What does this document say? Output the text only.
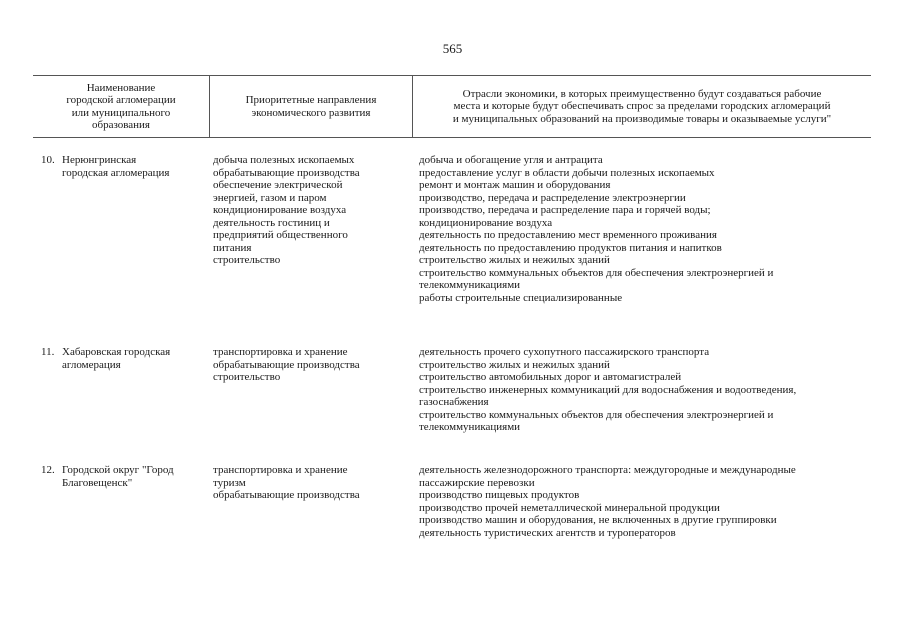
565
Наименование
городской агломерации
или муниципального
образования
Приоритетные направления
экономического развития
Отрасли экономики, в которых преимущественно будут создаваться рабочие
места и которые будут обеспечивать спрос за пределами городских агломераций
и муниципальных образований на производимые товары и оказываемые услуги"
10. Нерюнгринская
городская агломерация
добыча полезных ископаемых
обрабатывающие производства
обеспечение электрической
энергией, газом и паром
кондиционирование воздуха
деятельность гостиниц и
предприятий общественного
питания
строительство
добыча и обогащение угля и антрацита
предоставление услуг в области добычи полезных ископаемых
ремонт и монтаж машин и оборудования
производство, передача и распределение электроэнергии
производство, передача и распределение пара и горячей воды;
кондиционирование воздуха
деятельность по предоставлению мест временного проживания
деятельность по предоставлению продуктов питания и напитков
строительство жилых и нежилых зданий
строительство коммунальных объектов для обеспечения электроэнергией и
телекоммуникациями
работы строительные специализированные
11. Хабаровская городская
агломерация
транспортировка и хранение
обрабатывающие производства
строительство
деятельность прочего сухопутного пассажирского транспорта
строительство жилых и нежилых зданий
строительство автомобильных дорог и автомагистралей
строительство инженерных коммуникаций для водоснабжения и водоотведения,
газоснабжения
строительство коммунальных объектов для обеспечения электроэнергией и
телекоммуникациями
12. Городской округ "Город
Благовещенск"
транспортировка и хранение
туризм
обрабатывающие производства
деятельность железнодорожного транспорта: междугородные и международные
пассажирские перевозки
производство пищевых продуктов
производство прочей неметаллической минеральной продукции
производство машин и оборудования, не включенных в другие группировки
деятельность туристических агентств и туроператоров
